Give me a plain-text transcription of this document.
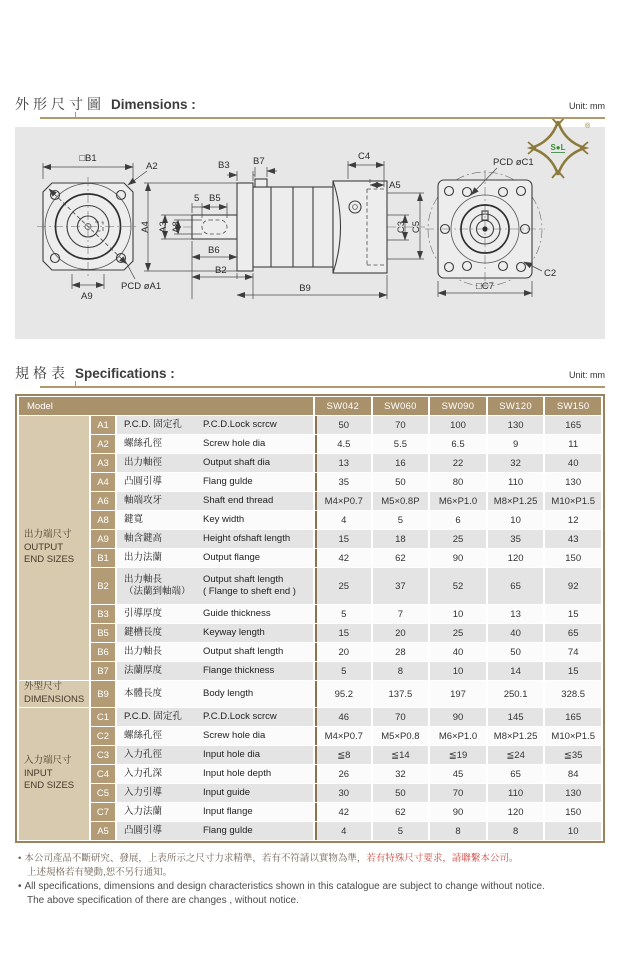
S●L
®
外形尺寸圖 Dimensions :	Unit: mm
PCD øA1
□B1
A2
A9
A4 A3 A8
5 B5
B3 B7	C4
A5
C3 C5
B6
B2
B9
PCD øC1
C2
□C7
規格表 Specifications :	Unit: mm
Model			SW042	SW060	SW090	SW120	SW150

出力端尺寸
OUTPUT
END SIZES
	A1	P.C.D. 固定孔	P.C.D.Lock scrcw	50	70	100	130	165
	A2	螺絲孔徑 Screw hole dia	4.5	5.5	6.5	9	11
	A3	出力軸徑 Output shaft dia	13	16	22	32	40
	A4	凸圓引導 Flang gulde	35	50	80	110	130
	A6	軸端攻牙 Shaft end thread	M4×P0.7	M5×0.8P	M6×P1.0	M8×P1.25	M10×P1.5
	A8	鍵寬 Key width	4	5	6	10	12
	A9	軸含鍵高 Height ofshaft length	15	18	25	35	43
	B1	出力法蘭 Output flange	42	62	90	120	150
	B2	出力軸長
（法蘭到軸端）
Output shaft length
( Flange to sheft end )	25	37	52	65	92
	B3	引導厚度 Guide thickness	5	7	10	13	15
	B5	鍵槽長度 Keyway length	15	20	25	40	65
	B6	出力軸長 Output shaft length	20	28	40	50	74
	B7	法蘭厚度 Flange thickness	5	8	10	14	15

外型尺寸
DIMENSIONS	B9	本體長度	Body length	95.2	137.5	197	250.1	328.5

入力端尺寸
INPUT
END SIZES
	C1	P.C.D. 固定孔	P.C.D.Lock scrcw	46	70	90	145	165
	C2	螺絲孔徑 Screw hole dia	M4×P0.7	M5×P0.8	M6×P1.0	M8×P1.25	M10×P1.5
	C3	入力孔徑 Input hole dia	≦8	≦14	≦19	≦24	≦35
	C4	入力孔深 Input hole depth	26	32	45	65	84
	C5	入力引導 Input guide	30	50	70	110	130
	C7	入力法蘭 Input flange	42	62	90	120	150
	A5	凸圓引導 Flang gulde	4	5	8	8	10
• 本公司產品不斷研究、發展，上表所示之尺寸力求精準，若有不符請以實物為準，若有特殊尺寸要求，請聯繫本公司。
上述規格若有變動,恕不另行通知。
• All specifications, dimensions and design characteristics shown in this catalogue are subject to change without notice.
The above specification of there are changes , without notice.
